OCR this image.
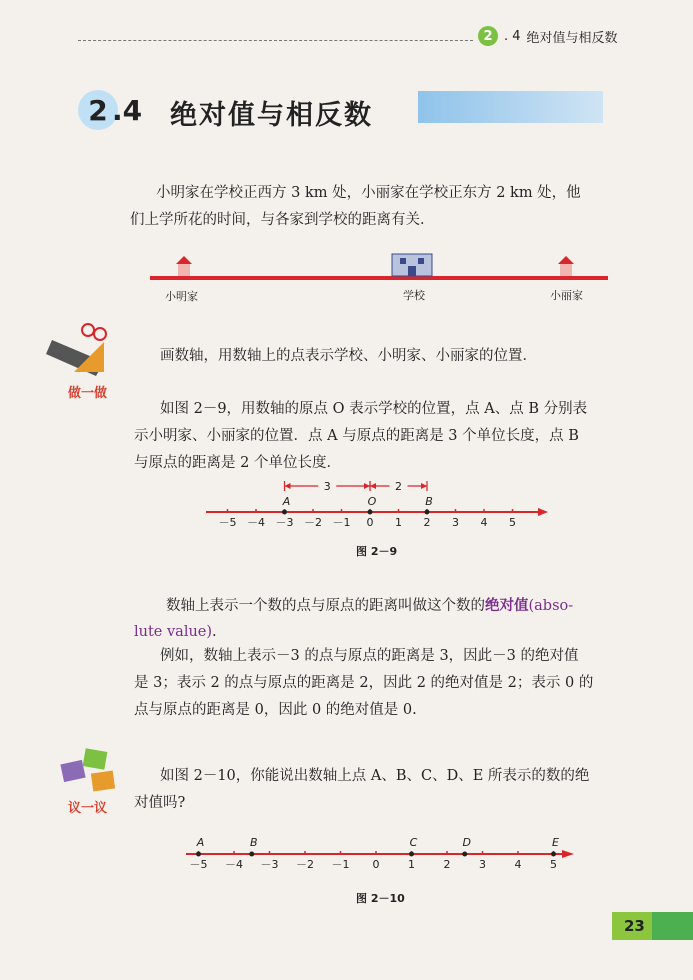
2 . 4 绝对值与相反数
2 .4 绝对值与相反数
小明家在学校正西方 3 km 处，小丽家在学校正东方 2 km 处，他
们上学所花的时间，与各家到学校的距离有关．
小明家	学校	小丽家
做一做
画数轴，用数轴上的点表示学校、小明家、小丽家的位置．
如图 2－9，用数轴的原点 O 表示学校的位置，点 A、点 B 分别表
示小明家、小丽家的位置．点 A 与原点的距离是 3 个单位长度，点 B
与原点的距离是 2 个单位长度．
－5 －4 －3 －2 －1 0 1 2 3 4 5
A	O	B
3	2
图 2－9
数轴上表示一个数的点与原点的距离叫做这个数的绝对值(abso-
lute value).
例如，数轴上表示－3 的点与原点的距离是 3，因此－3 的绝对值
是 3；表示 2 的点与原点的距离是 2，因此 2 的绝对值是 2；表示 0 的
点与原点的距离是 0，因此 0 的绝对值是 0.
议一议
如图 2－10，你能说出数轴上点 A、B、C、D、E 所表示的数的绝
对值吗?
－5 －4 －3 －2 －1 0	1	2	3	4	5
A	B	C	D	E
图 2－10
23
